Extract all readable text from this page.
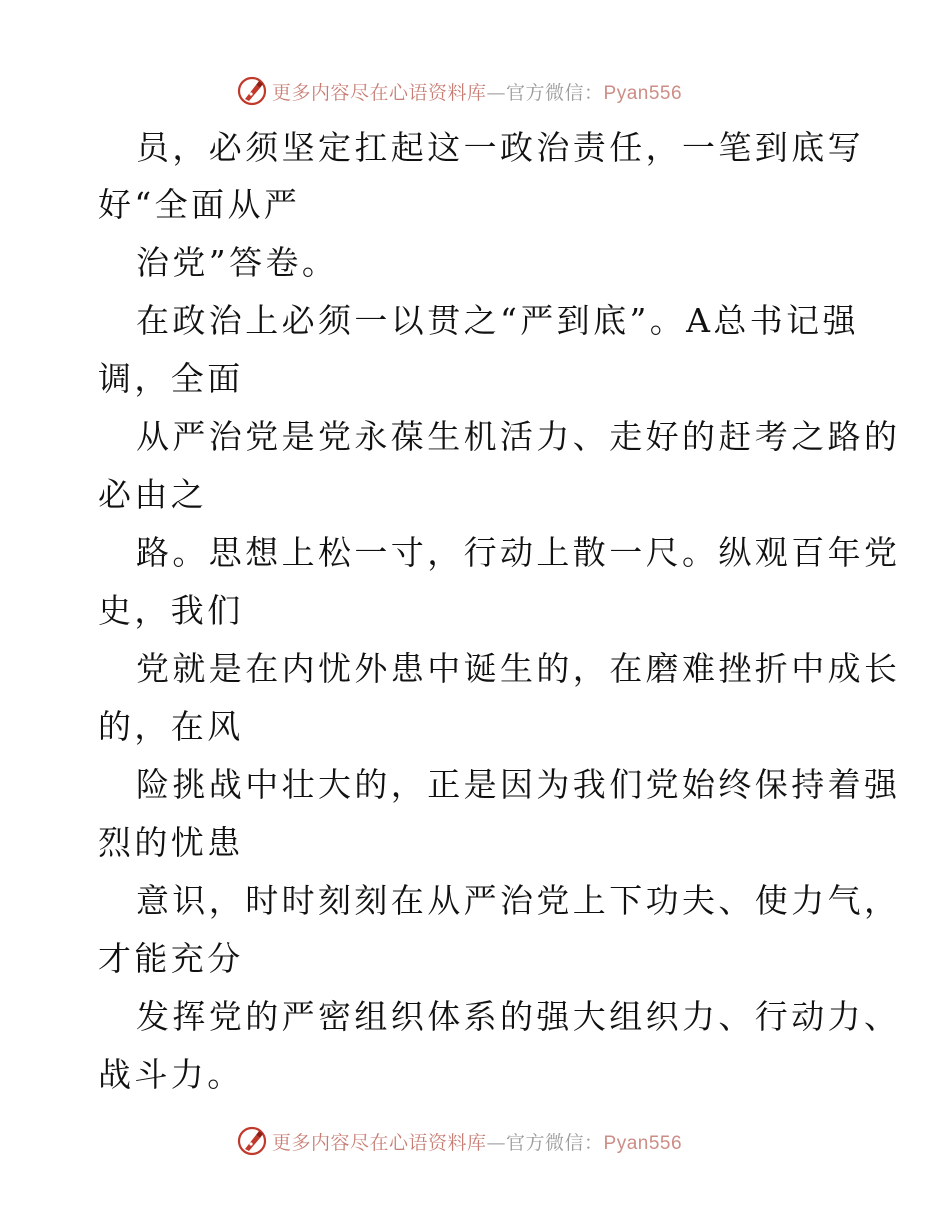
更多内容尽在心语资料库—官方微信：Pyan556
员，必须坚定扛起这一政治责任，一笔到底写
好“全面从严
治党”答卷。
在政治上必须一以贯之“严到底”。A总书记强
调，全面
从严治党是党永葆生机活力、走好的赶考之路的
必由之
路。思想上松一寸，行动上散一尺。纵观百年党
史，我们
党就是在内忧外患中诞生的，在磨难挫折中成长
的，在风
险挑战中壮大的，正是因为我们党始终保持着强
烈的忧患
意识，时时刻刻在从严治党上下功夫、使力气，
才能充分
发挥党的严密组织体系的强大组织力、行动力、
战斗力。
更多内容尽在心语资料库—官方微信：Pyan556
